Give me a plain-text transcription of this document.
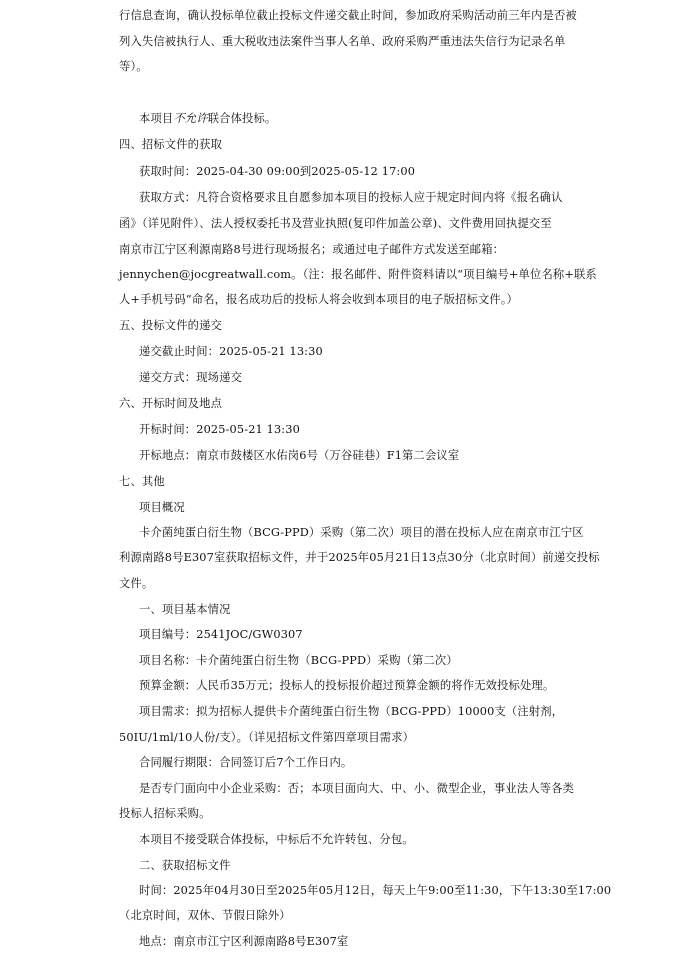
行信息查询，确认投标单位截止投标文件递交截止时间，参加政府采购活动前三年内是否被

列入失信被执行人、重大税收违法案件当事人名单、政府采购严重违法失信行为记录名单

等）。

本项目不允许联合体投标。

四、招标文件的获取

获取时间：2025-04-30 09:00到2025-05-12 17:00

获取方式：凡符合资格要求且自愿参加本项目的投标人应于规定时间内将《报名确认

函》（详见附件）、法人授权委托书及营业执照(复印件加盖公章)、文件费用回执提交至

南京市江宁区利源南路8号进行现场报名；或通过电子邮件方式发送至邮箱：

jennychen@jocgreatwall.com。（注：报名邮件、附件资料请以“项目编号+单位名称+联系

人+手机号码”命名，报名成功后的投标人将会收到本项目的电子版招标文件。）

五、投标文件的递交

递交截止时间：2025-05-21 13:30

递交方式：现场递交

六、开标时间及地点

开标时间：2025-05-21 13:30

开标地点：南京市鼓楼区水佑岗6号（万谷硅巷）F1第二会议室

七、其他

项目概况

卡介菌纯蛋白衍生物（BCG-PPD）采购（第二次）项目的潜在投标人应在南京市江宁区

利源南路8号E307室获取招标文件，并于2025年05月21日13点30分（北京时间）前递交投标

文件。

一、项目基本情况

项目编号：2541JOC/GW0307

项目名称：卡介菌纯蛋白衍生物（BCG-PPD）采购（第二次）

预算金额：人民币35万元；投标人的投标报价超过预算金额的将作无效投标处理。

项目需求：拟为招标人提供卡介菌纯蛋白衍生物（BCG-PPD）10000支（注射剂，

50IU/1ml/10人份/支）。（详见招标文件第四章项目需求）

合同履行期限：合同签订后7个工作日内。

是否专门面向中小企业采购：否；本项目面向大、中、小、微型企业，事业法人等各类

投标人招标采购。

本项目不接受联合体投标，中标后不允许转包、分包。

二、获取招标文件

时间：2025年04月30日至2025年05月12日，每天上午9:00至11:30，下午13:30至17:00

（北京时间，双休、节假日除外）

地点：南京市江宁区利源南路8号E307室
